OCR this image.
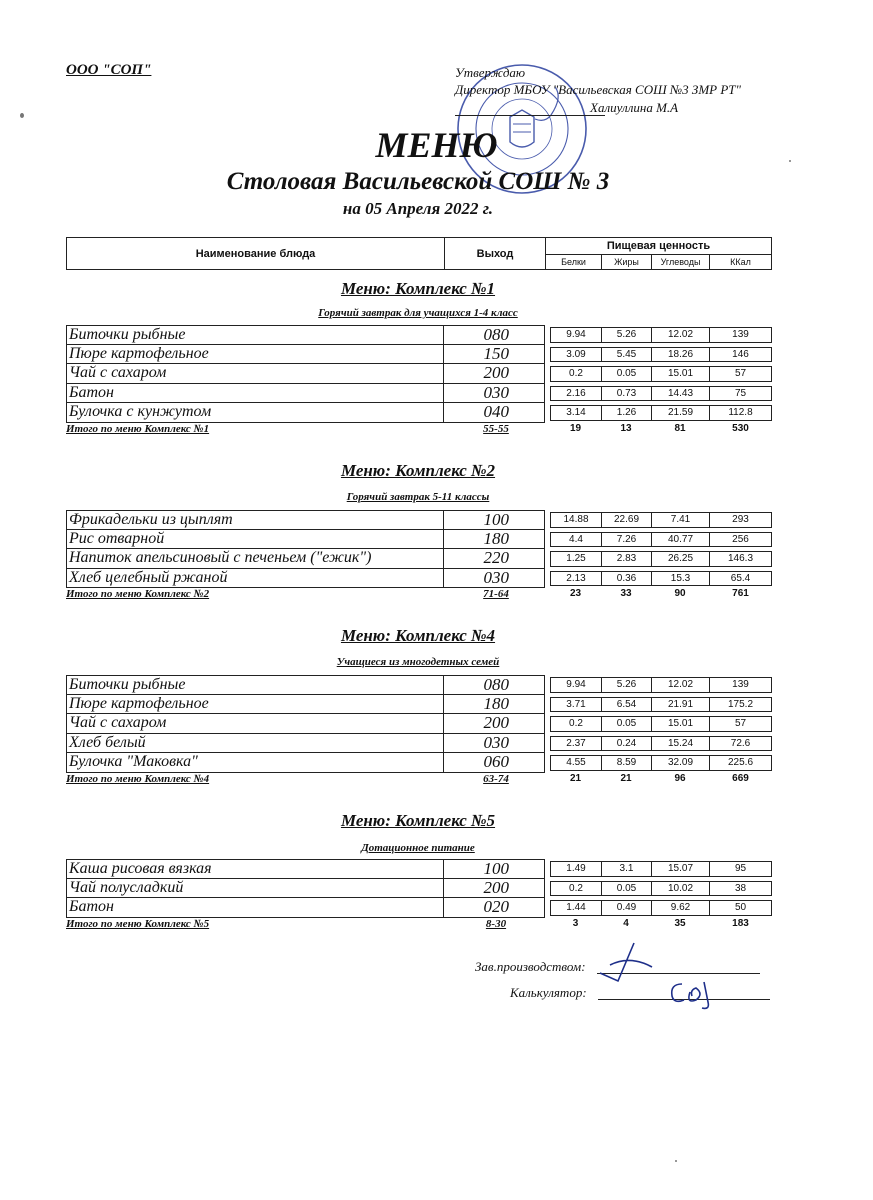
ООО "СОП"	Утверждаю
Директор МБОУ "Васильевская СОШ №3 ЗМР РТ"
Халиуллина М.А
МЕНЮ
Столовая Васильевской СОШ № 3
на 05 Апреля 2022 г.
Наименование блюда	Выход
Пищевая ценность
Белки	Жиры	Углеводы	ККал
Меню: Комплекс №1
Горячий завтрак для учащихся 1-4 класс
Биточки рыбные	080	9.94	5.26	12.02	139
Пюре картофельное	150	3.09	5.45	18.26	146
Чай с сахаром	200	0.2	0.05	15.01	57
Батон	030	2.16	0.73	14.43	75
Булочка с кунжутом	040	3.14	1.26	21.59	112.8
Итого по меню Комплекс №1	55-55	19	13	81	530
Меню: Комплекс №2
Горячий завтрак 5-11 классы
Фрикадельки из цыплят	100	14.88	22.69	7.41	293
Рис отварной	180	4.4	7.26	40.77	256
Напиток апельсиновый с печеньем ("ежик")	220	1.25	2.83	26.25	146.3
Хлеб целебный ржаной	030	2.13	0.36	15.3	65.4
Итого по меню Комплекс №2	71-64	23	33	90	761
Меню: Комплекс №4
Учащиеся из многодетных семей
Биточки рыбные	080	9.94	5.26	12.02	139
Пюре картофельное	180	3.71	6.54	21.91	175.2
Чай с сахаром	200	0.2	0.05	15.01	57
Хлеб белый	030	2.37	0.24	15.24	72.6
Булочка "Маковка"	060	4.55	8.59	32.09	225.6
Итого по меню Комплекс №4	63-74	21	21	96	669
Меню: Комплекс №5
Дотационное питание
Каша рисовая вязкая	100	1.49	3.1	15.07	95
Чай полусладкий	200	0.2	0.05	10.02	38
Батон	020	1.44	0.49	9.62	50
Итого по меню Комплекс №5	8-30	3	4	35	183
Зав.производством:
Калькулятор:
